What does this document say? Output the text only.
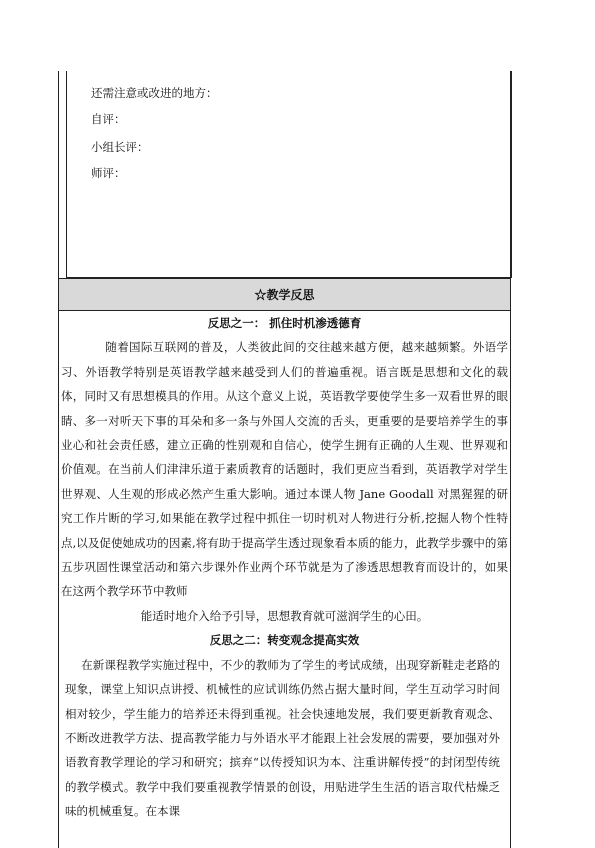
还需注意或改进的地方：
自评：
小组长评：
师评：
☆教学反思

反思之一： 抓住时机渗透德育

随着国际互联网的普及，人类彼此间的交往越来越方便，越来越频繁。外语学习、外语教学特别是英语教学越来越受到人们的普遍重视。语言既是思想和文化的载体，同时又有思想模具的作用。从这个意义上说，英语教学要使学生多一双看世界的眼睛、多一对听天下事的耳朵和多一条与外国人交流的舌头，更重要的是要培养学生的事业心和社会责任感，建立正确的性别观和自信心，使学生拥有正确的人生观、世界观和价值观。在当前人们津津乐道于素质教育的话题时，我们更应当看到，英语教学对学生世界观、人生观的形成必然产生重大影响。通过本课人物 Jane Goodall 对黑猩猩的研究工作片断的学习,如果能在教学过程中抓住一切时机对人物进行分析,挖掘人物个性特点,以及促使她成功的因素,将有助于提高学生透过现象看本质的能力，此教学步骤中的第五步巩固性课堂活动和第六步课外作业两个环节就是为了渗透思想教育而设计的，如果在这两个教学环节中教师

能适时地介入给予引导，思想教育就可滋润学生的心田。

反思之二：转变观念提高实效

在新课程教学实施过程中，不少的教师为了学生的考试成绩，出现穿新鞋走老路的现象，课堂上知识点讲授、机械性的应试训练仍然占据大量时间，学生互动学习时间相对较少，学生能力的培养还未得到重视。社会快速地发展，我们要更新教育观念、不断改进教学方法、提高教学能力与外语水平才能跟上社会发展的需要，要加强对外语教育教学理论的学习和研究；摈弃“以传授知识为本、注重讲解传授”的封闭型传统的教学模式。教学中我们要重视教学情景的创设，用贴进学生生活的语言取代枯燥乏味的机械重复。在本课
